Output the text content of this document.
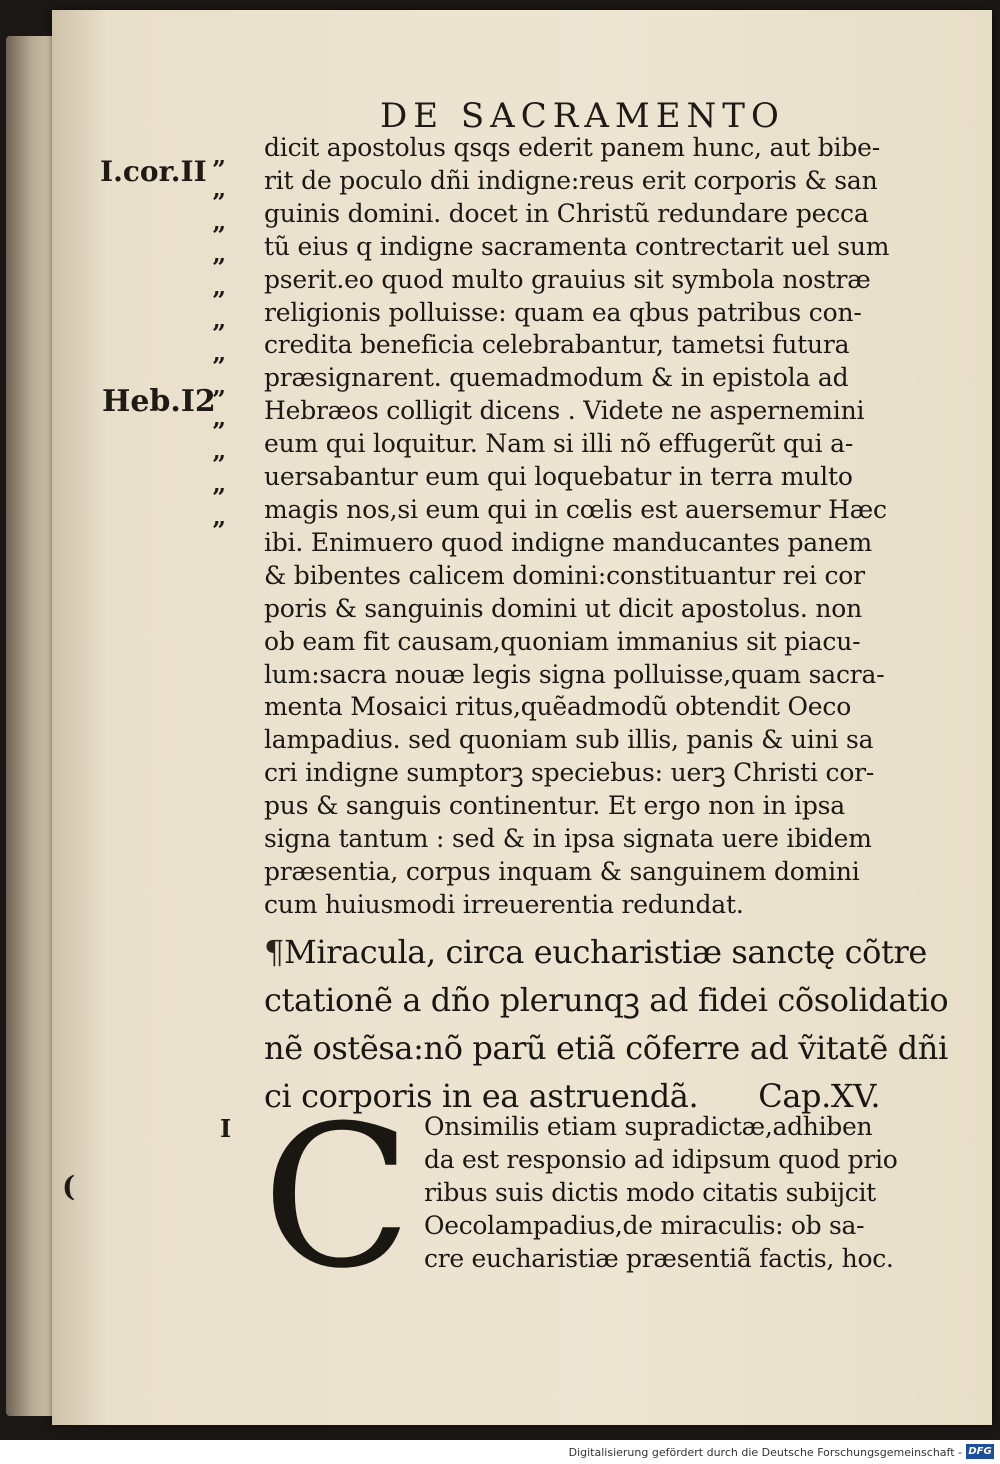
DE SACRAMENTO
I.cor.II
Heb.I2
I
(
”
”
”
”
”
”
”
”
”
”
”
”
dicit apostolus qsqs ederit panem hunc, aut bibe-
rit de poculo dñi indigne:reus erit corporis & san
guinis domini. docet in Christũ redundare pecca
tũ eius q indigne sacramenta contrectarit uel sum
pserit.eo quod multo grauius sit symbola nostræ
religionis polluisse: quam ea qbus patribus con-
credita beneficia celebrabantur, tametsi futura
præsignarent. quemadmodum & in epistola ad
Hebræos colligit dicens . Videte ne aspernemini
eum qui loquitur. Nam si illi nõ effugerũt qui a-
uersabantur eum qui loquebatur in terra multo
magis nos,si eum qui in cœlis est auersemur Hæc
ibi. Enimuero quod indigne manducantes panem
& bibentes calicem domini:constituantur rei cor
poris & sanguinis domini ut dicit apostolus. non
ob eam fit causam,quoniam immanius sit piacu-
lum:sacra nouæ legis signa polluisse,quam sacra-
menta Mosaici ritus,quẽadmodũ obtendit Oeco
lampadius. sed quoniam sub illis, panis & uini sa
cri indigne sumptorꝫ speciebus: uerꝫ Christi cor-
pus & sanguis continentur. Et ergo non in ipsa
signa tantum : sed & in ipsa signata uere ibidem
præsentia, corpus inquam & sanguinem domini
cum huiusmodi irreuerentia redundat.
¶Miracula, circa eucharistiæ sanctę cõtre
ctationẽ a dño plerunqꝫ ad fidei cõsolidatio
nẽ ostẽsa:nõ parũ etiã cõferre ad ṽitatẽ dñi
ci corporis in ea astruendã. Cap.XV.
C Onsimilis etiam supradictæ,adhiben
da est responsio ad idipsum quod prio
ribus suis dictis modo citatis subijcit
Oecolampadius,de miraculis: ob sa-
cre eucharistiæ præsentiã factis, hoc.
Digitalisierung gefördert durch die Deutsche Forschungsgemeinschaft - DFG
